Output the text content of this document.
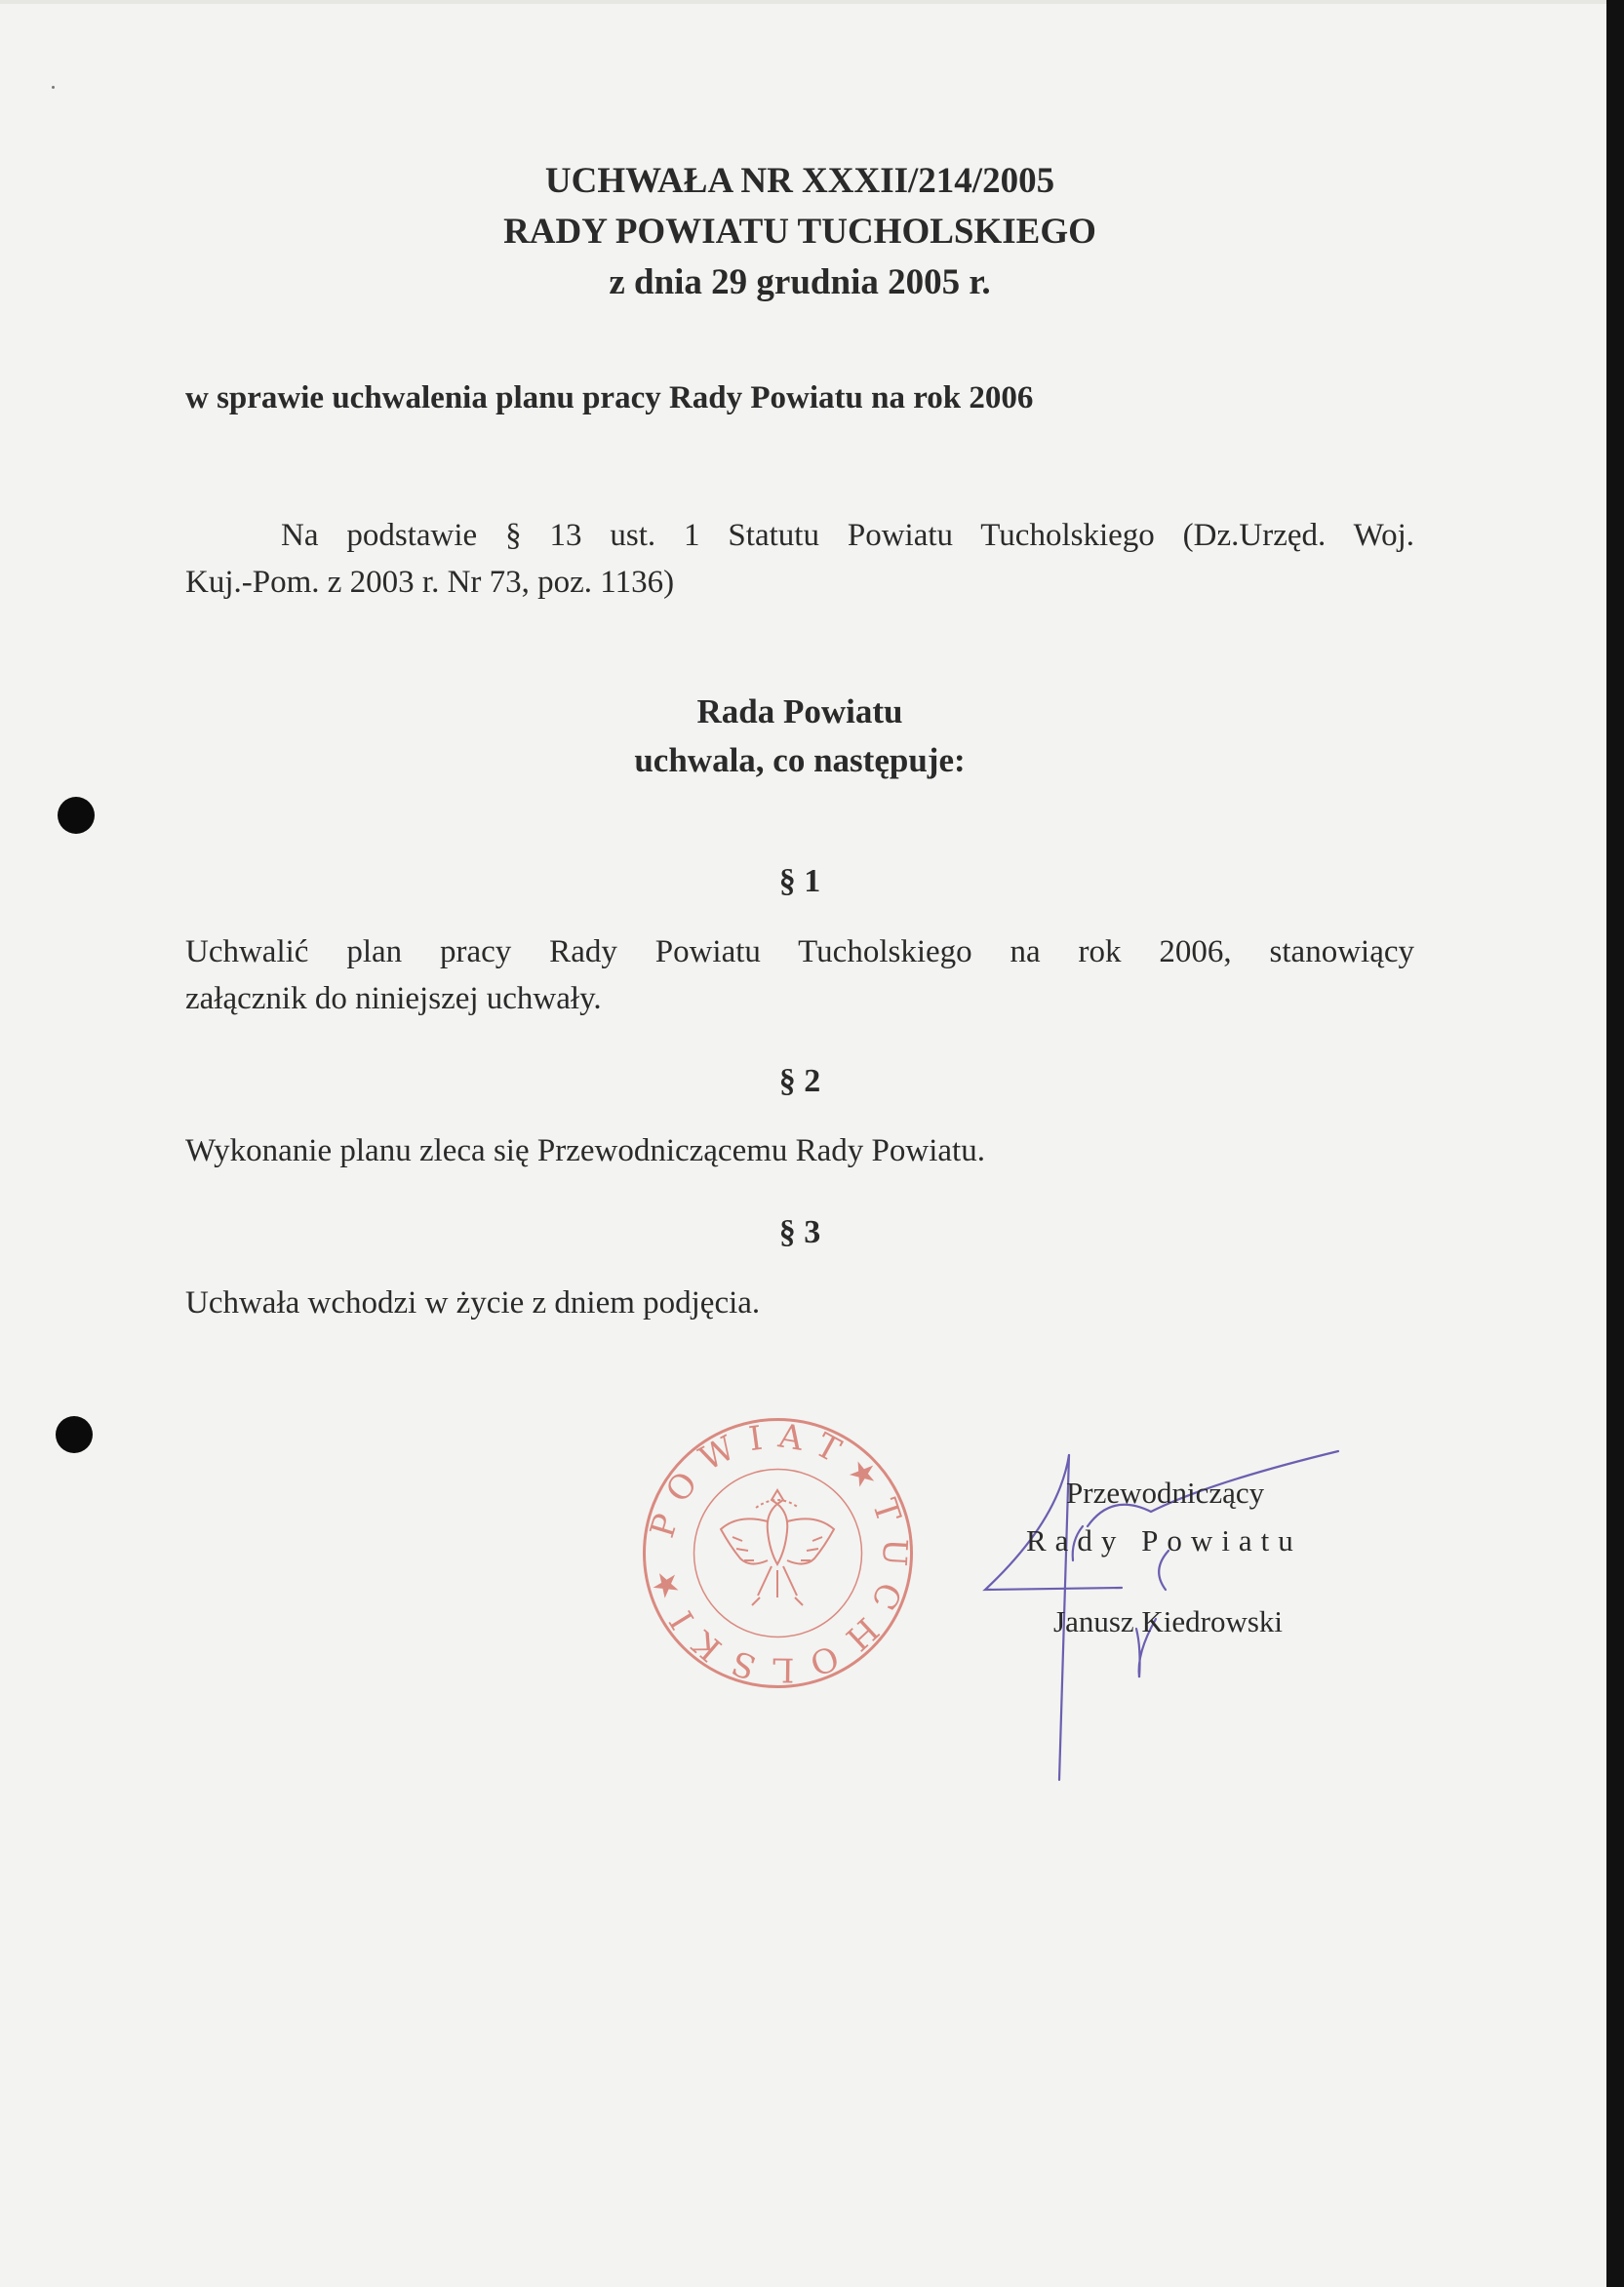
UCHWAŁA NR XXXII/214/2005
RADY POWIATU TUCHOLSKIEGO
z dnia 29 grudnia 2005 r.
w sprawie uchwalenia planu pracy Rady Powiatu na rok 2006
Na podstawie § 13 ust. 1 Statutu Powiatu Tucholskiego (Dz.Urzęd. Woj.
Kuj.-Pom. z 2003 r. Nr 73, poz. 1136)
Rada Powiatu
uchwala, co następuje:
§ 1
Uchwalić plan pracy Rady Powiatu Tucholskiego na rok 2006, stanowiący
załącznik do niniejszej uchwały.
§ 2
Wykonanie planu zleca się Przewodniczącemu Rady Powiatu.
§ 3
Uchwała wchodzi w życie z dniem podjęcia.
POWIAT★TUCHOLSKI★
Przewodniczący
Rady Powiatu
Janusz Kiedrowski
